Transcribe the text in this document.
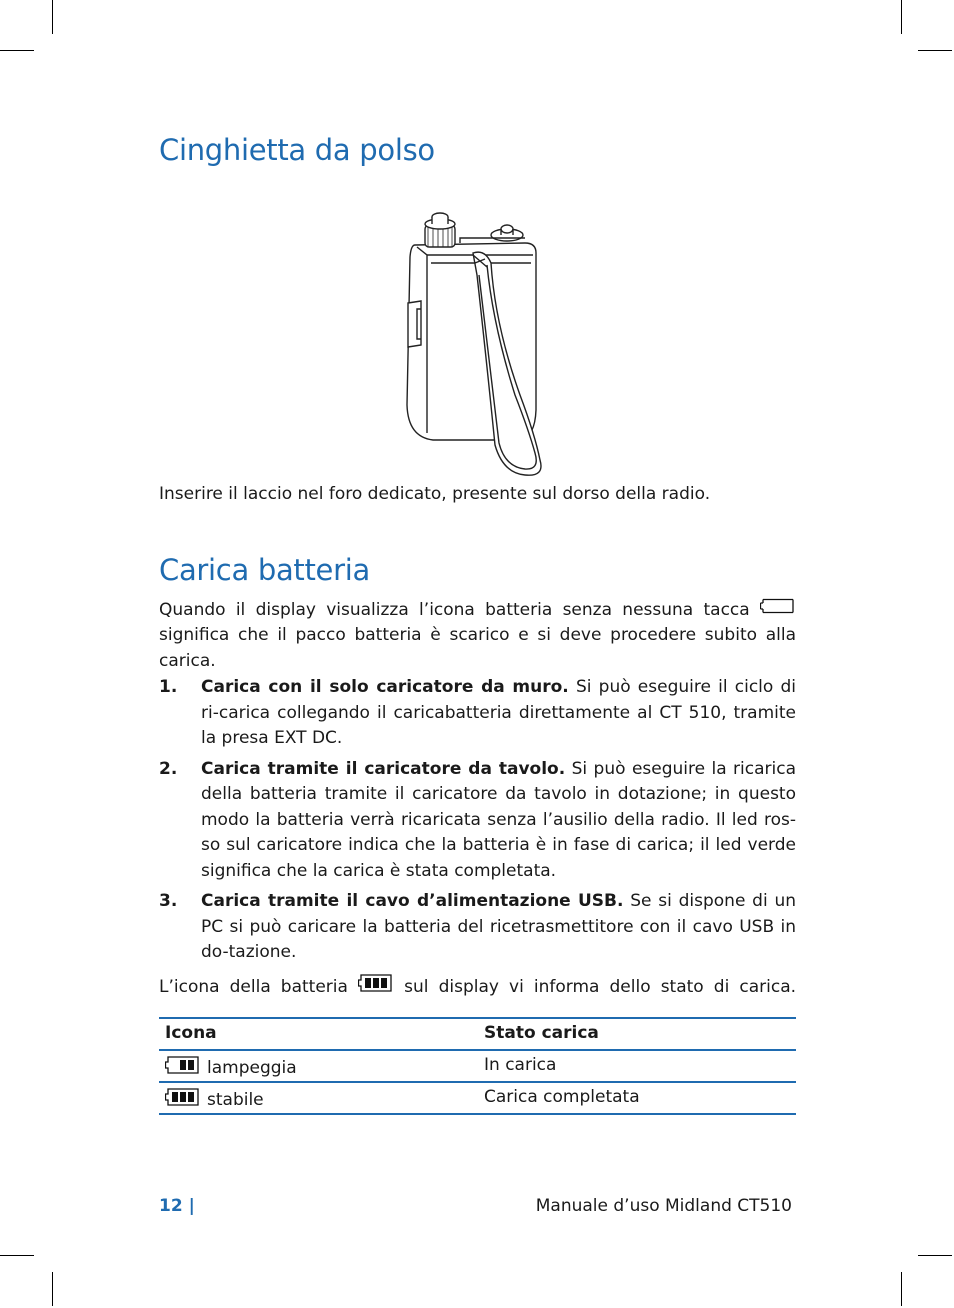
Cinghietta da polso

Inserire il laccio nel foro dedicato, presente sul dorso della radio.

Carica batteria

Quando il display visualizza l’icona batteria senza nessuna tacca  significa che il pacco batteria è scarico e si deve procedere subito alla carica.

1. Carica con il solo caricatore da muro. Si può eseguire il ciclo di ri-carica collegando il caricabatteria direttamente al CT 510, tramite la presa EXT DC.
2. Carica tramite il caricatore da tavolo. Si può eseguire la ricarica della batteria tramite il caricatore da tavolo in dotazione; in questo modo la batteria verrà ricaricata senza l’ausilio della radio. Il led ros-so sul caricatore indica che la batteria è in fase di carica; il led verde significa che la carica è stata completata.
3. Carica tramite il cavo d’alimentazione USB. Se si dispone di un PC si può caricare la batteria del ricetrasmettitore con il cavo USB in do-tazione.

L’icona della batteria	sul display vi informa dello stato di carica.

Icona	Stato carica
lampeggia	In carica
stabile	Carica completata
12 |	Manuale d’uso Midland CT510
